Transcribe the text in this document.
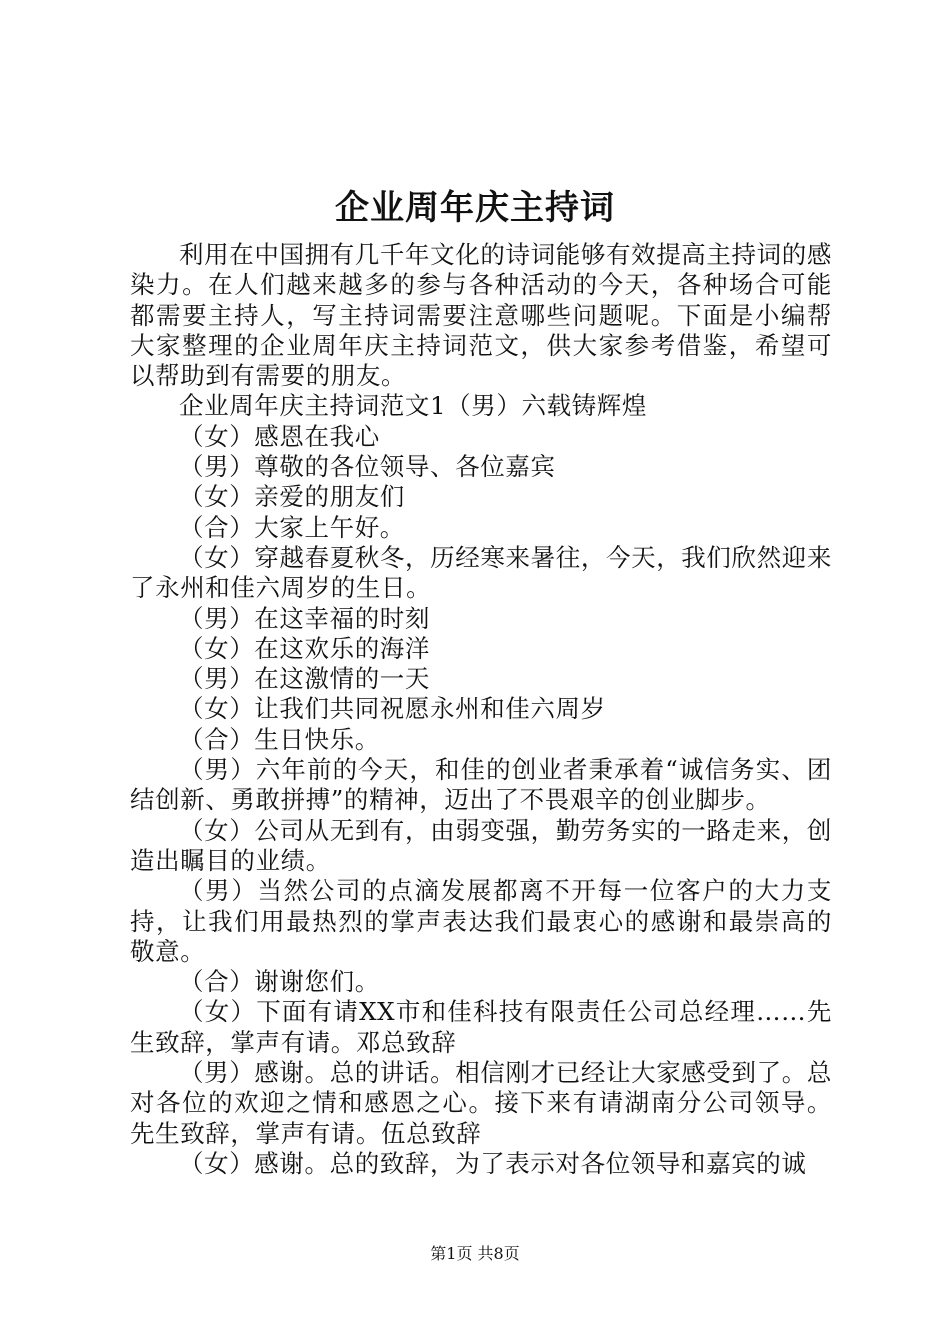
企业周年庆主持词

利用在中国拥有几千年文化的诗词能够有效提高主持词的感染力。在人们越来越多的参与各种活动的今天，各种场合可能都需要主持人，写主持词需要注意哪些问题呢。下面是小编帮大家整理的企业周年庆主持词范文，供大家参考借鉴，希望可以帮助到有需要的朋友。

企业周年庆主持词范文1（男）六载铸辉煌

（女）感恩在我心

（男）尊敬的各位领导、各位嘉宾

（女）亲爱的朋友们

（合）大家上午好。

（女）穿越春夏秋冬，历经寒来暑往，今天，我们欣然迎来了永州和佳六周岁的生日。

（男）在这幸福的时刻

（女）在这欢乐的海洋

（男）在这激情的一天

（女）让我们共同祝愿永州和佳六周岁

（合）生日快乐。

（男）六年前的今天，和佳的创业者秉承着“诚信务实、团结创新、勇敢拼搏”的精神，迈出了不畏艰辛的创业脚步。

（女）公司从无到有，由弱变强，勤劳务实的一路走来，创造出瞩目的业绩。

（男）当然公司的点滴发展都离不开每一位客户的大力支持，让我们用最热烈的掌声表达我们最衷心的感谢和最崇高的敬意。

（合）谢谢您们。

（女）下面有请XX市和佳科技有限责任公司总经理……先生致辞，掌声有请。邓总致辞

（男）感谢。总的讲话。相信刚才已经让大家感受到了。总对各位的欢迎之情和感恩之心。接下来有请湖南分公司领导。先生致辞，掌声有请。伍总致辞

（女）感谢。总的致辞，为了表示对各位领导和嘉宾的诚

第1页 共8页
